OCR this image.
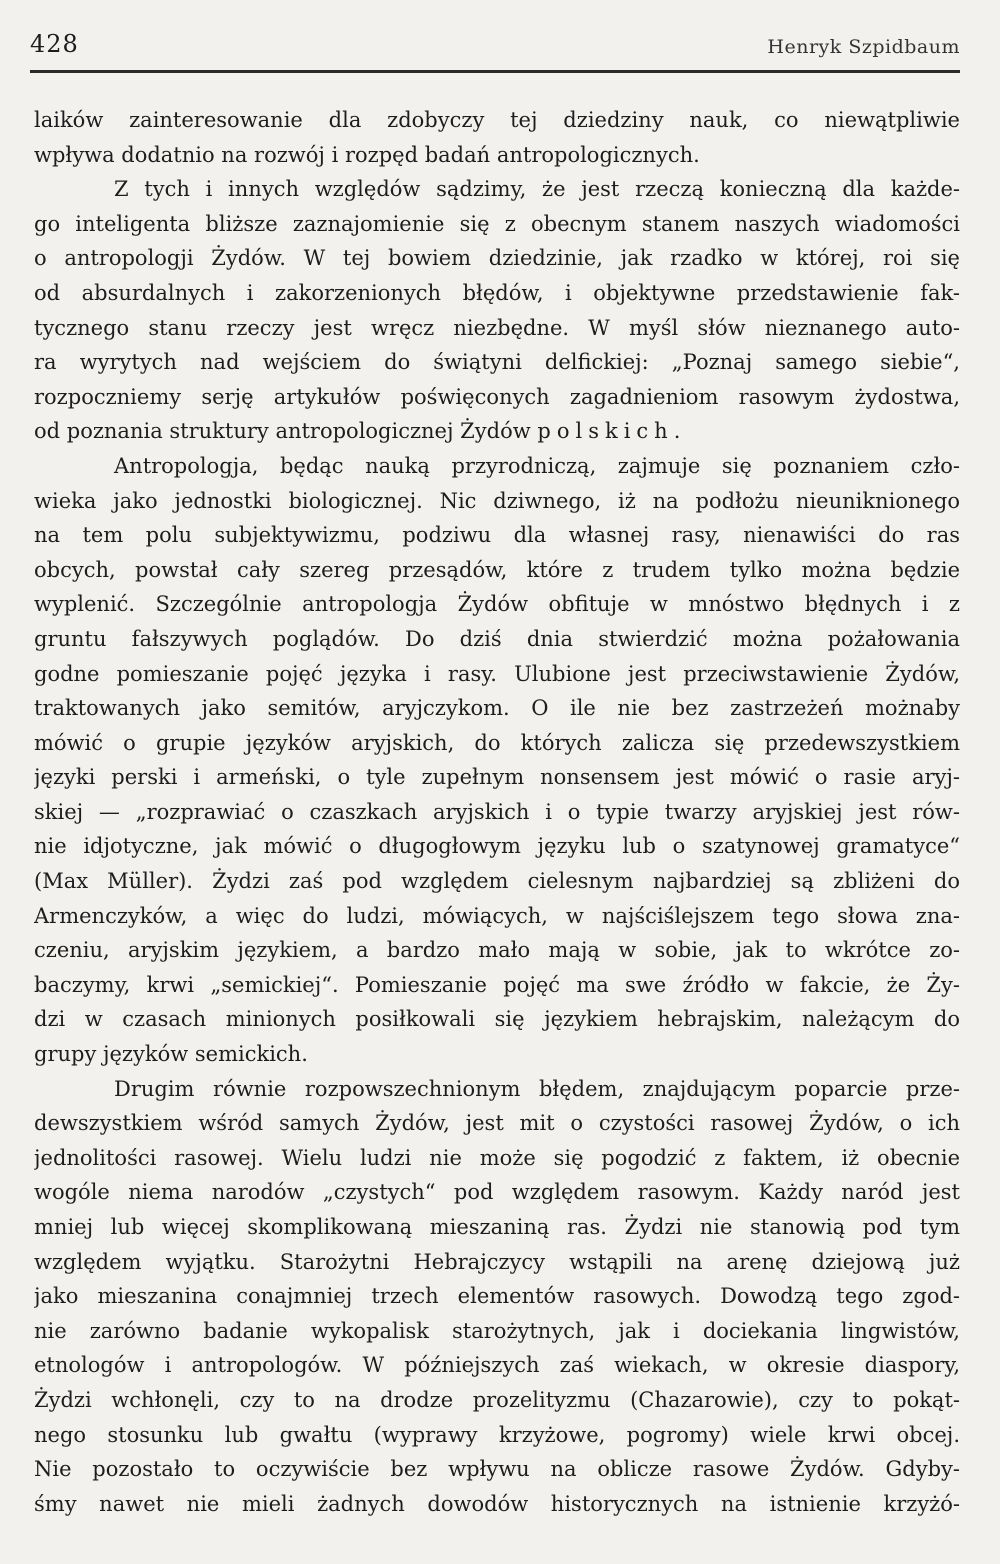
428	Henryk Szpidbaum
laików zainteresowanie dla zdobyczy tej dziedziny nauk, co niewątpliwie
wpływa dodatnio na rozwój i rozpęd badań antropologicznych.
Z tych i innych względów sądzimy, że jest rzeczą konieczną dla każde-
go inteligenta bliższe zaznajomienie się z obecnym stanem naszych wiadomości
o antropologji Żydów. W tej bowiem dziedzinie, jak rzadko w której, roi się
od absurdalnych i zakorzenionych błędów, i objektywne przedstawienie fak-
tycznego stanu rzeczy jest wręcz niezbędne. W myśl słów nieznanego auto-
ra wyrytych nad wejściem do świątyni delfickiej: „Poznaj samego siebie“,
rozpoczniemy serję artykułów poświęconych zagadnieniom rasowym żydostwa,
od poznania struktury antropologicznej Żydów polskich.
Antropologja, będąc nauką przyrodniczą, zajmuje się poznaniem czło-
wieka jako jednostki biologicznej. Nic dziwnego, iż na podłożu nieuniknionego
na tem polu subjektywizmu, podziwu dla własnej rasy, nienawiści do ras
obcych, powstał cały szereg przesądów, które z trudem tylko można będzie
wyplenić. Szczególnie antropologja Żydów obfituje w mnóstwo błędnych i z
gruntu fałszywych poglądów. Do dziś dnia stwierdzić można pożałowania
godne pomieszanie pojęć języka i rasy. Ulubione jest przeciwstawienie Żydów,
traktowanych jako semitów, aryjczykom. O ile nie bez zastrzeżeń możnaby
mówić o grupie języków aryjskich, do których zalicza się przedewszystkiem
języki perski i armeński, o tyle zupełnym nonsensem jest mówić o rasie aryj-
skiej — „rozprawiać o czaszkach aryjskich i o typie twarzy aryjskiej jest rów-
nie idjotyczne, jak mówić o długogłowym języku lub o szatynowej gramatyce“
(Max Müller). Żydzi zaś pod względem cielesnym najbardziej są zbliżeni do
Armenczyków, a więc do ludzi, mówiących, w najściślejszem tego słowa zna-
czeniu, aryjskim językiem, a bardzo mało mają w sobie, jak to wkrótce zo-
baczymy, krwi „semickiej“. Pomieszanie pojęć ma swe źródło w fakcie, że Ży-
dzi w czasach minionych posiłkowali się językiem hebrajskim, należącym do
grupy języków semickich.
Drugim równie rozpowszechnionym błędem, znajdującym poparcie prze-
dewszystkiem wśród samych Żydów, jest mit o czystości rasowej Żydów, o ich
jednolitości rasowej. Wielu ludzi nie może się pogodzić z faktem, iż obecnie
wogóle niema narodów „czystych“ pod względem rasowym. Każdy naród jest
mniej lub więcej skomplikowaną mieszaniną ras. Żydzi nie stanowią pod tym
względem wyjątku. Starożytni Hebrajczycy wstąpili na arenę dziejową już
jako mieszanina conajmniej trzech elementów rasowych. Dowodzą tego zgod-
nie zarówno badanie wykopalisk starożytnych, jak i dociekania lingwistów,
etnologów i antropologów. W późniejszych zaś wiekach, w okresie diaspory,
Żydzi wchłonęli, czy to na drodze prozelityzmu (Chazarowie), czy to pokąt-
nego stosunku lub gwałtu (wyprawy krzyżowe, pogromy) wiele krwi obcej.
Nie pozostało to oczywiście bez wpływu na oblicze rasowe Żydów. Gdyby-
śmy nawet nie mieli żadnych dowodów historycznych na istnienie krzyżó-
